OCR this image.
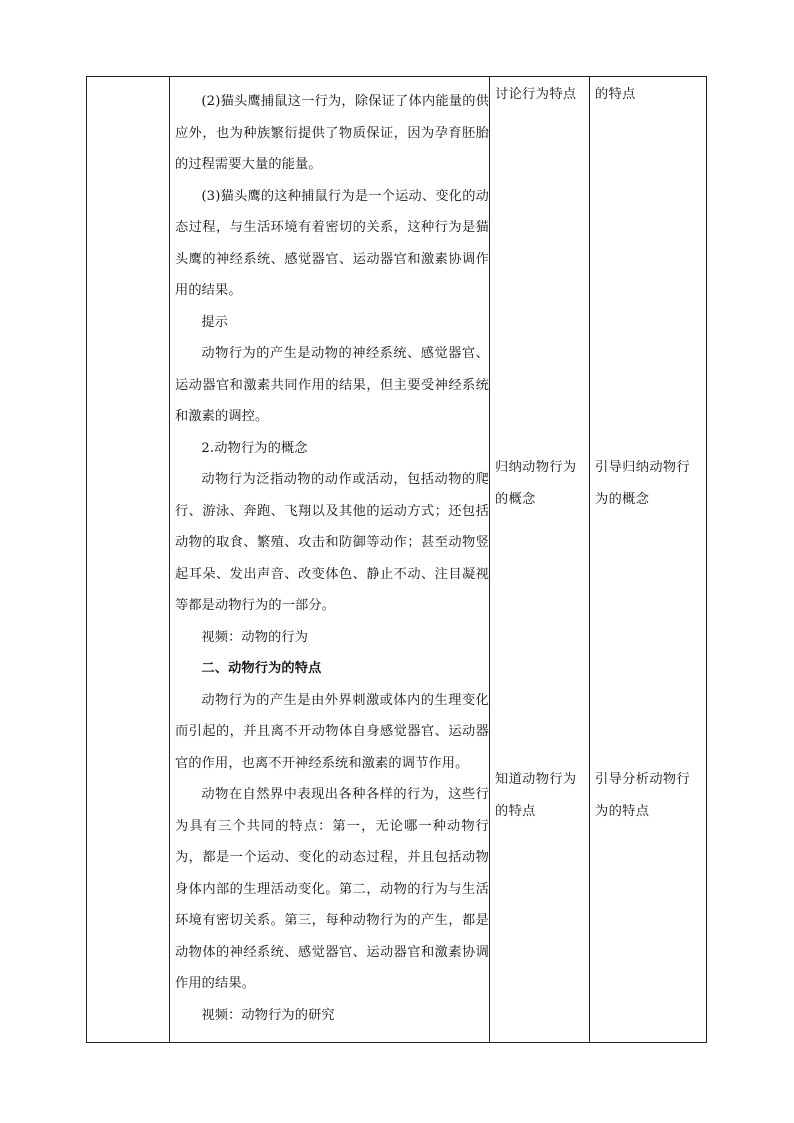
(2)猫头鹰捕鼠这一行为，除保证了体内能量的供应外，也为种族繁衍提供了物质保证，因为孕育胚胎的过程需要大量的能量。

(3)猫头鹰的这种捕鼠行为是一个运动、变化的动态过程，与生活环境有着密切的关系，这种行为是猫头鹰的神经系统、感觉器官、运动器官和激素协调作用的结果。

提示

动物行为的产生是动物的神经系统、感觉器官、运动器官和激素共同作用的结果，但主要受神经系统和激素的调控。

2.动物行为的概念

动物行为泛指动物的动作或活动，包括动物的爬行、游泳、奔跑、飞翔以及其他的运动方式；还包括动物的取食、繁殖、攻击和防御等动作；甚至动物竖起耳朵、发出声音、改变体色、静止不动、注目凝视等都是动物行为的一部分。

视频：动物的行为

二、动物行为的特点

动物行为的产生是由外界刺激或体内的生理变化而引起的，并且离不开动物体自身感觉器官、运动器官的作用，也离不开神经系统和激素的调节作用。

动物在自然界中表现出各种各样的行为，这些行为具有三个共同的特点：第一，无论哪一种动物行为，都是一个运动、变化的动态过程，并且包括动物身体内部的生理活动变化。第二，动物的行为与生活环境有密切关系。第三，每种动物行为的产生，都是动物体的神经系统、感觉器官、运动器官和激素协调作用的结果。

视频：动物行为的研究

讨论行为特点
归纳动物行为
的概念
知道动物行为
的特点
的特点
引导归纳动物行
为的概念
引导分析动物行
为的特点
